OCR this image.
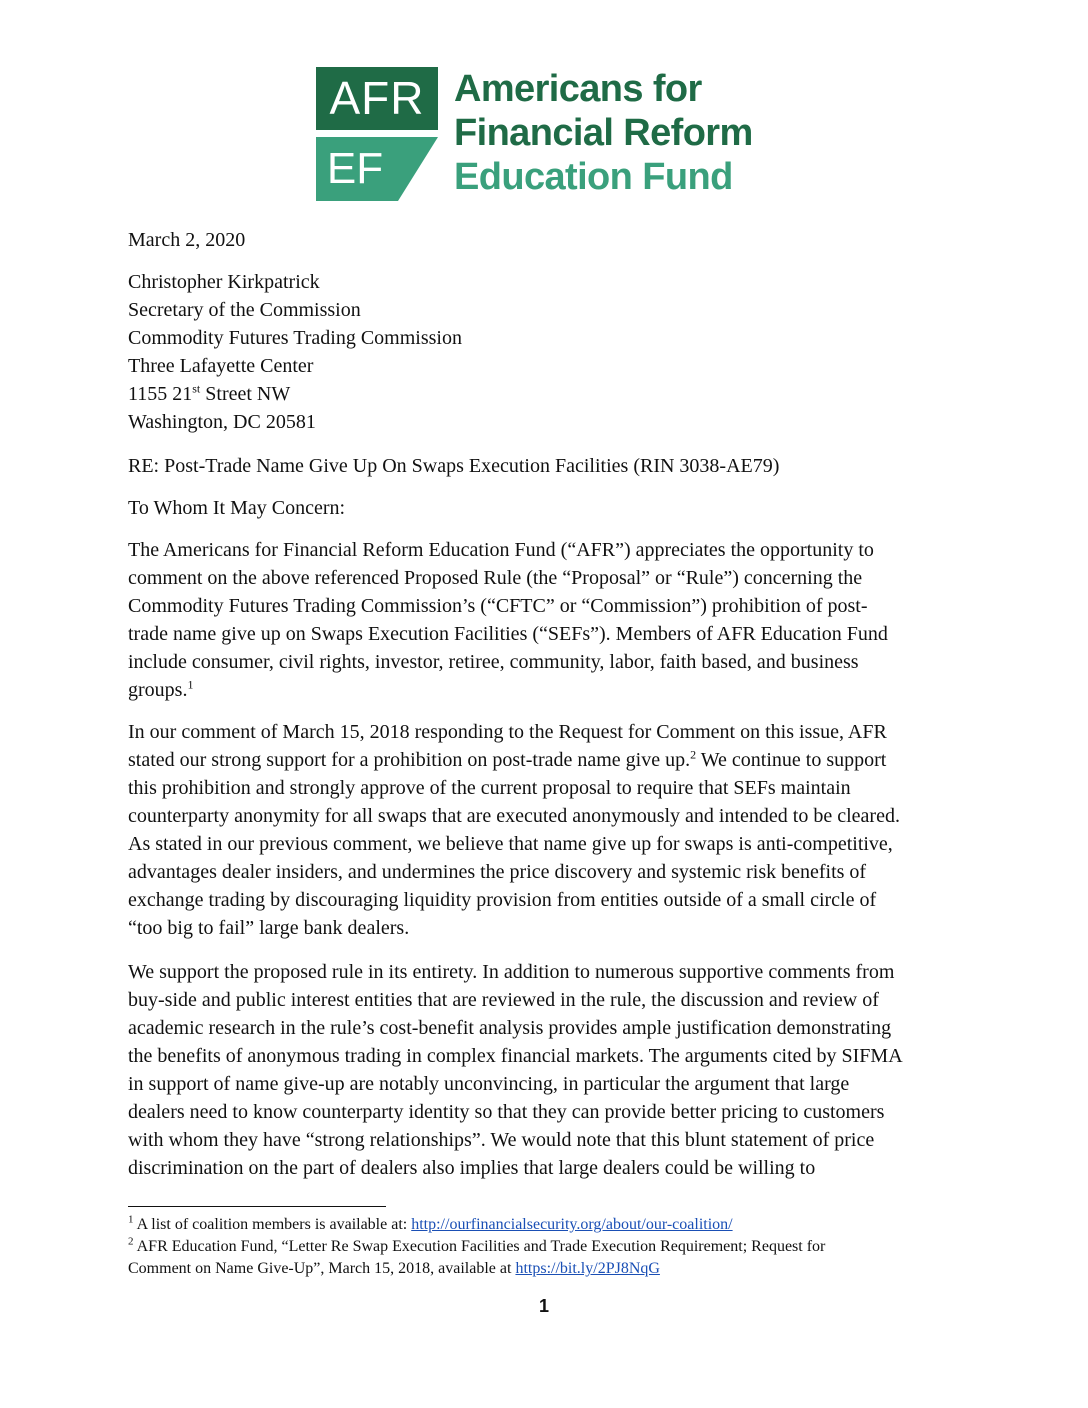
AFR
EF
Americans for
Financial Reform
Education Fund
March 2, 2020
Christopher Kirkpatrick
Secretary of the Commission
Commodity Futures Trading Commission
Three Lafayette Center
1155 21st Street NW
Washington, DC 20581
RE: Post-Trade Name Give Up On Swaps Execution Facilities (RIN 3038-AE79)
To Whom It May Concern:
The Americans for Financial Reform Education Fund (“AFR”) appreciates the opportunity to
comment on the above referenced Proposed Rule (the “Proposal” or “Rule”) concerning the
Commodity Futures Trading Commission’s (“CFTC” or “Commission”) prohibition of post-
trade name give up on Swaps Execution Facilities (“SEFs”). Members of AFR Education Fund
include consumer, civil rights, investor, retiree, community, labor, faith based, and business
groups.$^1$
In our comment of March 15, 2018 responding to the Request for Comment on this issue, AFR
stated our strong support for a prohibition on post-trade name give up.$^2$ We continue to support
this prohibition and strongly approve of the current proposal to require that SEFs maintain
counterparty anonymity for all swaps that are executed anonymously and intended to be cleared.
As stated in our previous comment, we believe that name give up for swaps is anti-competitive,
advantages dealer insiders, and undermines the price discovery and systemic risk benefits of
exchange trading by discouraging liquidity provision from entities outside of a small circle of
“too big to fail” large bank dealers.
We support the proposed rule in its entirety. In addition to numerous supportive comments from
buy-side and public interest entities that are reviewed in the rule, the discussion and review of
academic research in the rule’s cost-benefit analysis provides ample justification demonstrating
the benefits of anonymous trading in complex financial markets. The arguments cited by SIFMA
in support of name give-up are notably unconvincing, in particular the argument that large
dealers need to know counterparty identity so that they can provide better pricing to customers
with whom they have “strong relationships”. We would note that this blunt statement of price
discrimination on the part of dealers also implies that large dealers could be willing to
$^1$ A list of coalition members is available at: http://ourfinancialsecurity.org/about/our-coalition/
$^2$ AFR Education Fund, “Letter Re Swap Execution Facilities and Trade Execution Requirement; Request for
Comment on Name Give-Up”, March 15, 2018, available at https://bit.ly/2PJ8NqG
1
